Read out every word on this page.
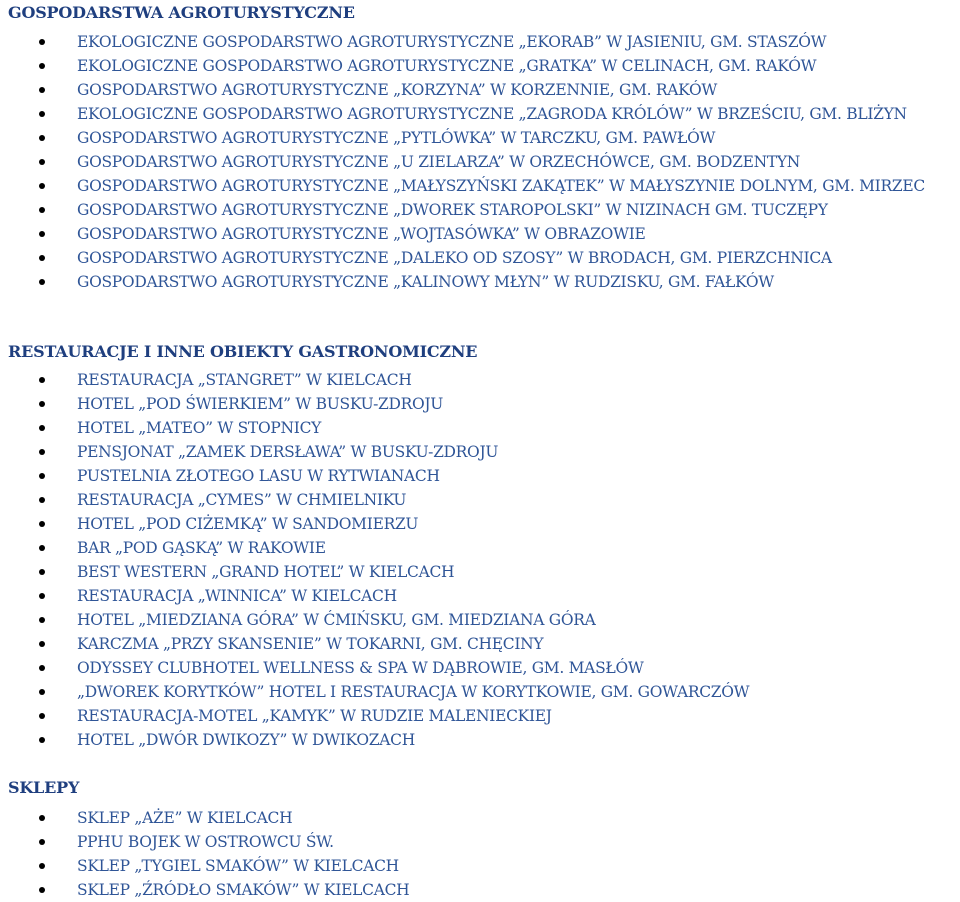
GOSPODARSTWA AGROTURYSTYCZNE
EKOLOGICZNE GOSPODARSTWO AGROTURYSTYCZNE „EKORAB” W JASIENIU, GM. STASZÓW
EKOLOGICZNE GOSPODARSTWO AGROTURYSTYCZNE „GRATKA” W CELINACH, GM. RAKÓW
GOSPODARSTWO AGROTURYSTYCZNE „KORZYNA” W KORZENNIE, GM. RAKÓW
EKOLOGICZNE GOSPODARSTWO AGROTURYSTYCZNE „ZAGRODA KRÓLÓW” W BRZEŚCIU, GM. BLIŻYN
GOSPODARSTWO AGROTURYSTYCZNE „PYTLÓWKA” W TARCZKU, GM. PAWŁÓW
GOSPODARSTWO AGROTURYSTYCZNE „U ZIELARZA” W ORZECHÓWCE, GM. BODZENTYN
GOSPODARSTWO AGROTURYSTYCZNE „MAŁYSZYŃSKI ZAKĄTEK” W MAŁYSZYNIE DOLNYM, GM. MIRZEC
GOSPODARSTWO AGROTURYSTYCZNE „DWOREK STAROPOLSKI” W NIZINACH GM. TUCZĘPY
GOSPODARSTWO AGROTURYSTYCZNE „WOJTASÓWKA” W OBRAZOWIE
GOSPODARSTWO AGROTURYSTYCZNE „DALEKO OD SZOSY” W BRODACH, GM. PIERZCHNICA
GOSPODARSTWO AGROTURYSTYCZNE „KALINOWY MŁYN” W RUDZISKU, GM. FAŁKÓW
RESTAURACJE I INNE OBIEKTY GASTRONOMICZNE
RESTAURACJA „STANGRET” W KIELCACH
HOTEL „POD ŚWIERKIEM” W BUSKU-ZDROJU
HOTEL „MATEO” W STOPNICY
PENSJONAT „ZAMEK DERSŁAWA” W BUSKU-ZDROJU
PUSTELNIA ZŁOTEGO LASU W RYTWIANACH
RESTAURACJA „CYMES” W CHMIELNIKU
HOTEL „POD CIŻEMKĄ” W SANDOMIERZU
BAR „POD GĄSKĄ” W RAKOWIE
BEST WESTERN „GRAND HOTEL” W KIELCACH
RESTAURACJA „WINNICA” W KIELCACH
HOTEL „MIEDZIANA GÓRA” W ĆMIŃSKU, GM. MIEDZIANA GÓRA
KARCZMA „PRZY SKANSENIE” W TOKARNI, GM. CHĘCINY
ODYSSEY CLUBHOTEL WELLNESS & SPA W DĄBROWIE, GM. MASŁÓW
„DWOREK KORYTKÓW” HOTEL I RESTAURACJA W KORYTKOWIE, GM. GOWARCZÓW
RESTAURACJA-MOTEL „KAMYK” W RUDZIE MALENIECKIEJ
HOTEL „DWÓR DWIKOZY” W DWIKOZACH
SKLEPY
SKLEP „AŻE” W KIELCACH
PPHU BOJEK W OSTROWCU ŚW.
SKLEP „TYGIEL SMAKÓW” W KIELCACH
SKLEP „ŹRÓDŁO SMAKÓW” W KIELCACH
